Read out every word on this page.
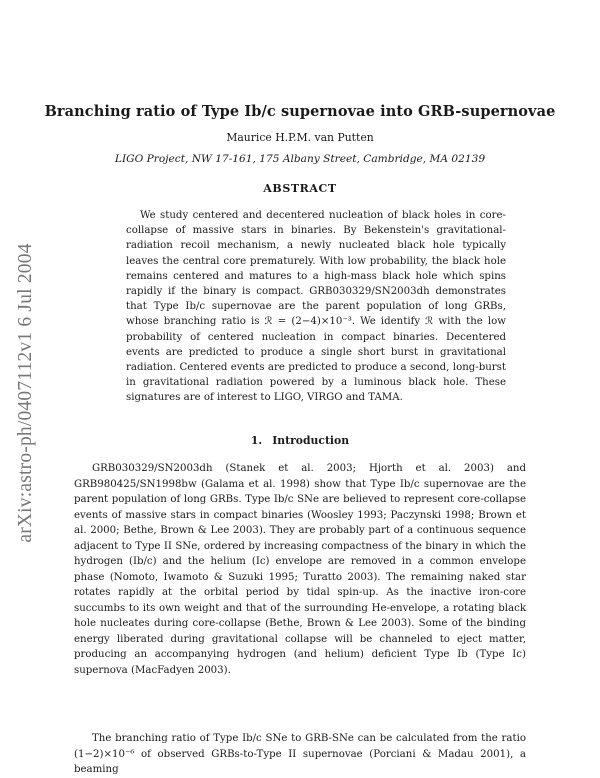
arXiv:astro-ph/0407112v1 6 Jul 2004
Branching ratio of Type Ib/c supernovae into GRB-supernovae
Maurice H.P.M. van Putten
LIGO Project, NW 17-161, 175 Albany Street, Cambridge, MA 02139
ABSTRACT

We study centered and decentered nucleation of black holes in core-collapse of massive stars in binaries. By Bekenstein's gravitational-radiation recoil mechanism, a newly nucleated black hole typically leaves the central core prematurely. With low probability, the black hole remains centered and matures to a high-mass black hole which spins rapidly if the binary is compact. GRB030329/SN2003dh demonstrates that Type Ib/c supernovae are the parent population of long GRBs, whose branching ratio is ℛ = (2−4)×10⁻³. We identify ℛ with the low probability of centered nucleation in compact binaries. Decentered events are predicted to produce a single short burst in gravitational radiation. Centered events are predicted to produce a second, long-burst in gravitational radiation powered by a luminous black hole. These signatures are of interest to LIGO, VIRGO and TAMA.

1. Introduction

GRB030329/SN2003dh (Stanek et al. 2003; Hjorth et al. 2003) and GRB980425/SN1998bw (Galama et al. 1998) show that Type Ib/c supernovae are the parent population of long GRBs. Type Ib/c SNe are believed to represent core-collapse events of massive stars in compact binaries (Woosley 1993; Paczynski 1998; Brown et al. 2000; Bethe, Brown & Lee 2003). They are probably part of a continuous sequence adjacent to Type II SNe, ordered by increasing compactness of the binary in which the hydrogen (Ib/c) and the helium (Ic) envelope are removed in a common envelope phase (Nomoto, Iwamoto & Suzuki 1995; Turatto 2003). The remaining naked star rotates rapidly at the orbital period by tidal spin-up. As the inactive iron-core succumbs to its own weight and that of the surrounding He-envelope, a rotating black hole nucleates during core-collapse (Bethe, Brown & Lee 2003). Some of the binding energy liberated during gravitational collapse will be channeled to eject matter, producing an accompanying hydrogen (and helium) deficient Type Ib (Type Ic) supernova (MacFadyen 2003).

The branching ratio of Type Ib/c SNe to GRB-SNe can be calculated from the ratio (1−2)×10⁻⁶ of observed GRBs-to-Type II supernovae (Porciani & Madau 2001), a beaming
